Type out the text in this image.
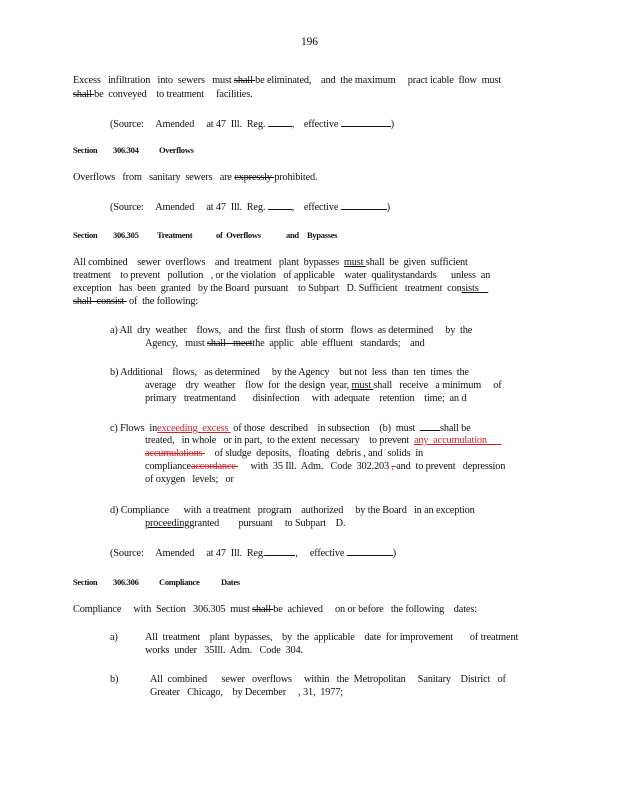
196
Excess   infiltration   into  sewers   must shall be eliminated,    and  the maximum     pract icable  flow  must
shall be  conveyed    to treatment     facilities.
(Source:     Amended     at 47  Ill.  Reg. ,    effective	)
Section 306.304 Overflows
Overflows   from   sanitary  sewers   are expressly prohibited.
(Source:     Amended     at 47  Ill.  Reg. ,    effective	)
Section 306.305 Treatment	of  Overflows	and Bypasses
All combined    sewer  overflows    and  treatment   plant  bypasses  must shall  be  given  sufficient
treatment    to prevent   pollution   , or the violation   of applicable    water  qualitystandards      unless  an
exception   has  been  granted   by the Board  pursuant    to Subpart   D. Sufficient   treatment  consists
shall  consist  of  the following:
a) All  dry  weather    flows,   and  the  first  flush  of storm   flows  as determined     by  the
Agency,   must shall   meetthe  applic   able  effluent   standards;    and
b) Additional    flows,   as determined     by the Agency    but not  less  than  ten  times  the
average    dry  weather    flow  for  the design  year, must shall   receive   a minimum     of
primary   treatmentand       disinfection     with  adequate    retention    time;  an d
c) Flows  inexceeding  excess  of those  described    in subsection    (b)  must  shall be
treated,   in whole   or in part,  to the extent  necessary    to prevent  any  accumulation
accumulations     of sludge  deposits,   floating   debris , and  solids  in
complianceaccordance      with  35 Ill.  Adm.   Code  302.203 , and  to prevent   depression
of oxygen   levels;   or
d) Compliance      with  a treatment   program    authorized     by the Board   in an exception
proceedinggranted        pursuant     to Subpart    D.
(Source:     Amended     at 47  Ill.  Reg.	,     effective	)
Section 306.306 Compliance	Dates
Compliance     with  Section   306.305  must shall be  achieved     on or before   the following    dates:
a)	All  treatment    plant  bypasses,    by  the  applicable    date  for improvement       of treatment
works  under   35Ill.  Adm.   Code  304.
b)	All  combined      sewer   overflows     within   the  Metropolitan     Sanitary    District   of
Greater   Chicago,    by December     , 31,  1977;
